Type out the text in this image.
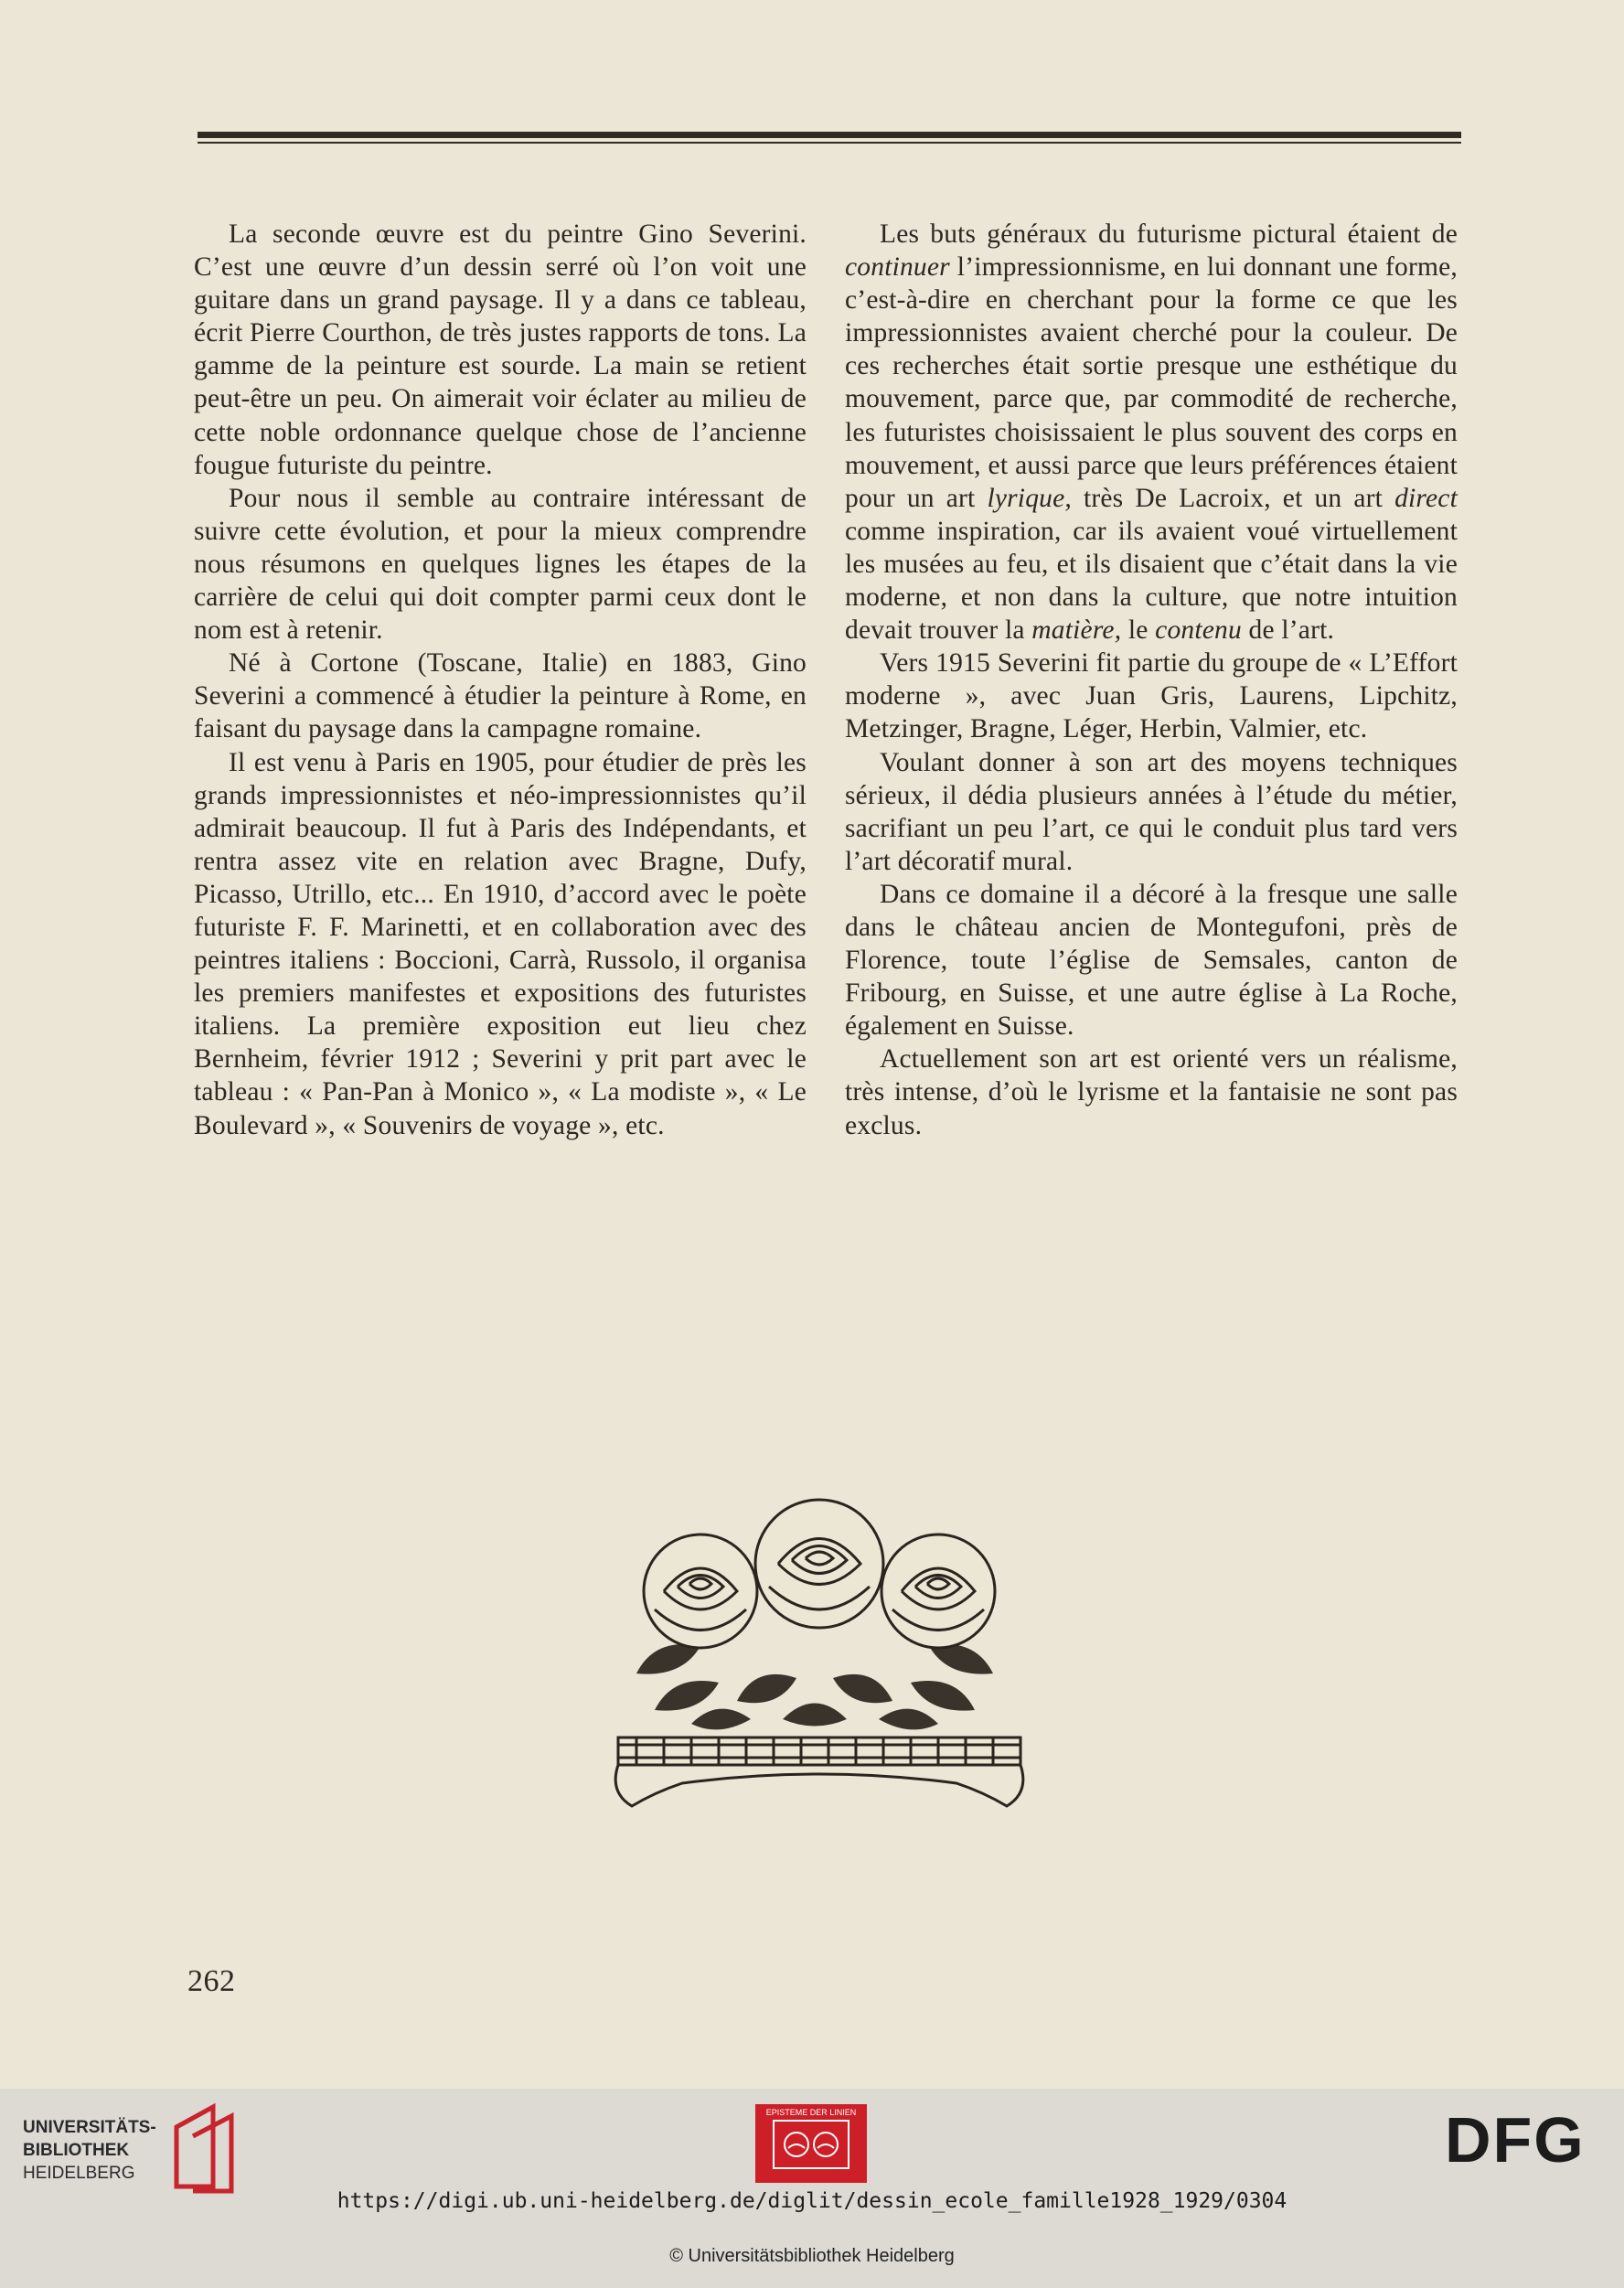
La seconde œuvre est du peintre Gino Severini. C’est une œuvre d’un dessin serré où l’on voit une guitare dans un grand paysage. Il y a dans ce tableau, écrit Pierre Courthon, de très justes rapports de tons. La gamme de la peinture est sourde. La main se retient peut-être un peu. On aimerait voir éclater au milieu de cette noble ordonnance quelque chose de l’ancienne fougue futuriste du peintre.

Pour nous il semble au contraire intéressant de suivre cette évolution, et pour la mieux comprendre nous résumons en quelques lignes les étapes de la carrière de celui qui doit compter parmi ceux dont le nom est à retenir.

Né à Cortone (Toscane, Italie) en 1883, Gino Severini a commencé à étudier la peinture à Rome, en faisant du paysage dans la campagne romaine.

Il est venu à Paris en 1905, pour étudier de près les grands impressionnistes et néo-impressionnistes qu’il admirait beaucoup. Il fut à Paris des Indépendants, et rentra assez vite en relation avec Bragne, Dufy, Picasso, Utrillo, etc... En 1910, d’accord avec le poète futuriste F. F. Marinetti, et en collaboration avec des peintres italiens : Boccioni, Carrà, Russolo, il organisa les premiers manifestes et expositions des futuristes italiens. La première exposition eut lieu chez Bernheim, février 1912 ; Severini y prit part avec le tableau : « Pan-Pan à Monico », « La modiste », « Le Boulevard », « Souvenirs de voyage », etc.

Les buts généraux du futurisme pictural étaient de continuer l’impressionnisme, en lui donnant une forme, c’est-à-dire en cherchant pour la forme ce que les impressionnistes avaient cherché pour la couleur. De ces recherches était sortie presque une esthétique du mouvement, parce que, par commodité de recherche, les futuristes choisissaient le plus souvent des corps en mouvement, et aussi parce que leurs préférences étaient pour un art lyrique, très De Lacroix, et un art direct comme inspiration, car ils avaient voué virtuellement les musées au feu, et ils disaient que c’était dans la vie moderne, et non dans la culture, que notre intuition devait trouver la matière, le contenu de l’art.

Vers 1915 Severini fit partie du groupe de « L’Effort moderne », avec Juan Gris, Laurens, Lipchitz, Metzinger, Bragne, Léger, Herbin, Valmier, etc.

Voulant donner à son art des moyens techniques sérieux, il dédia plusieurs années à l’étude du métier, sacrifiant un peu l’art, ce qui le conduit plus tard vers l’art décoratif mural.

Dans ce domaine il a décoré à la fresque une salle dans le château ancien de Montegufoni, près de Florence, toute l’église de Semsales, canton de Fribourg, en Suisse, et une autre église à La Roche, également en Suisse.

Actuellement son art est orienté vers un réalisme, très intense, d’où le lyrisme et la fantaisie ne sont pas exclus.

262
UNIVERSITÄTS-
BIBLIOTHEK
HEIDELBERG
EPISTEME DER LINIEN	DFG
https://digi.ub.uni-heidelberg.de/diglit/dessin_ecole_famille1928_1929/0304
© Universitätsbibliothek Heidelberg
